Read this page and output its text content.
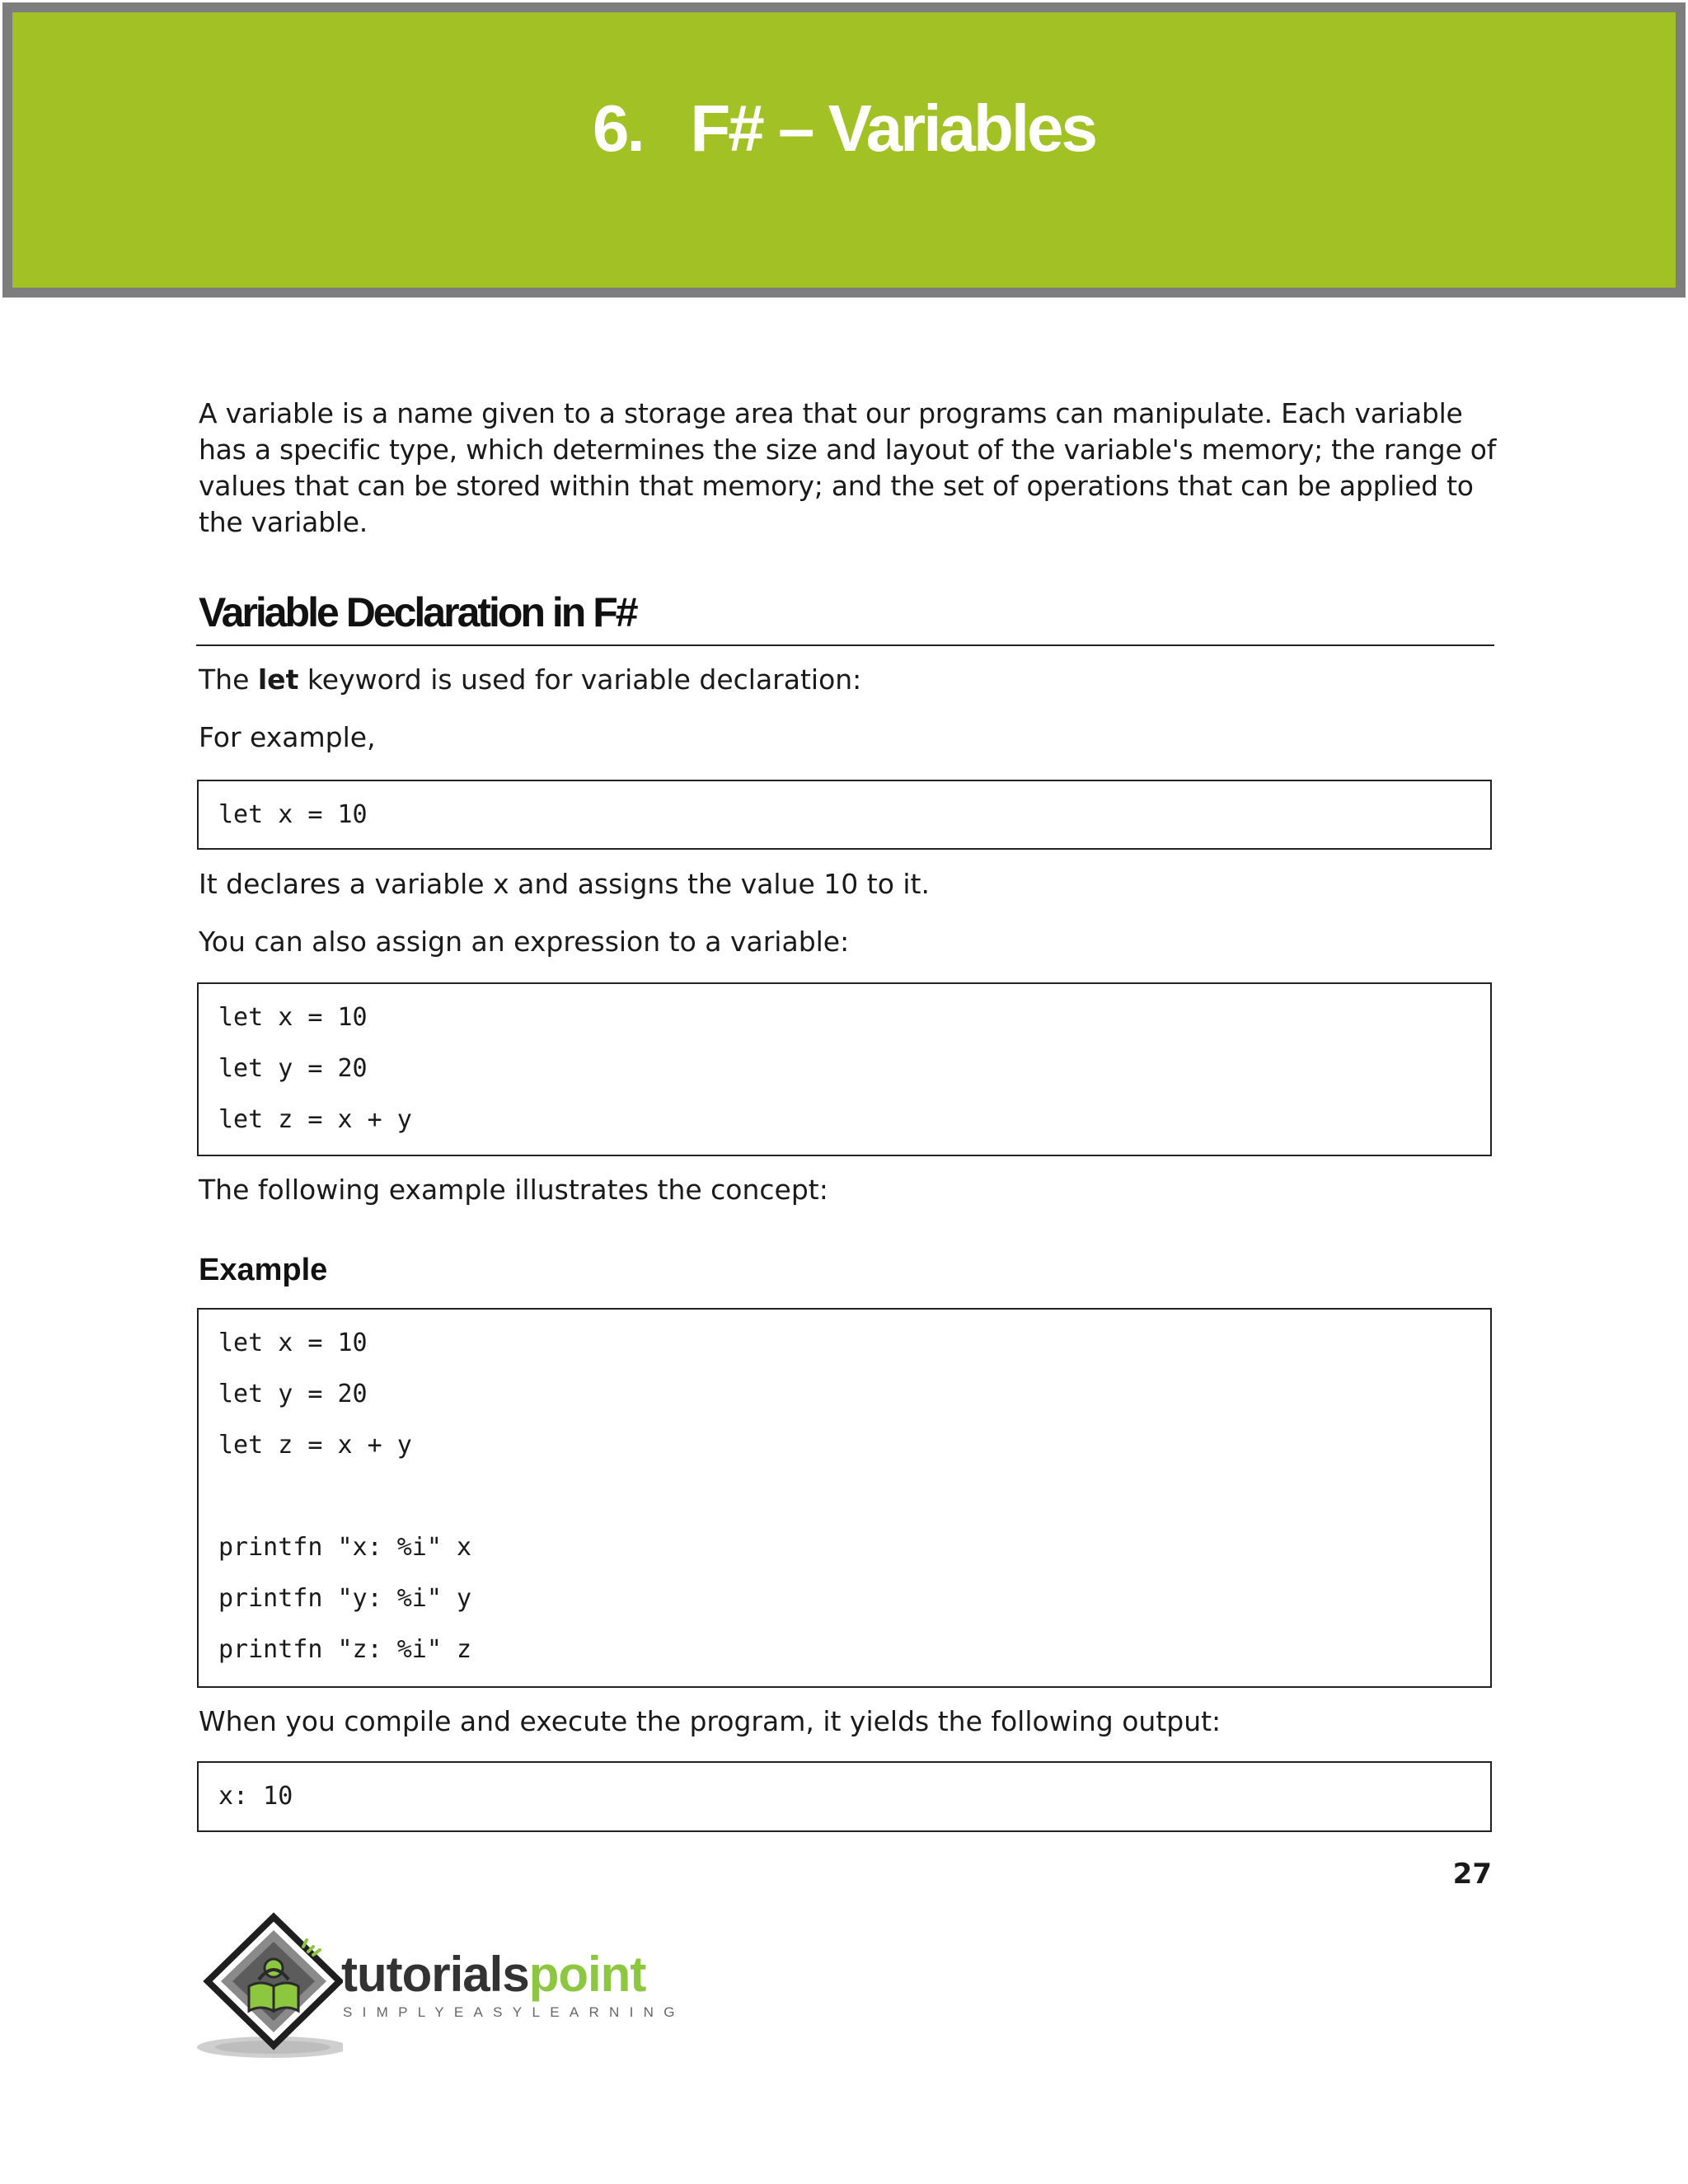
6.   F# – Variables

A variable is a name given to a storage area that our programs can manipulate. Each variable has a specific type, which determines the size and layout of the variable's memory; the range of values that can be stored within that memory; and the set of operations that can be applied to the variable.

Variable Declaration in F#

The let keyword is used for variable declaration:

For example,

let x = 10

It declares a variable x and assigns the value 10 to it.

You can also assign an expression to a variable:

let x = 10
let y = 20
let z = x + y

The following example illustrates the concept:

Example
let x = 10
let y = 20
let z = x + y
printfn "x: %i" x
printfn "y: %i" y
printfn "z: %i" z

When you compile and execute the program, it yields the following output:

x: 10
27
tutorialspoint
SIMPLYEASYLEARNING
